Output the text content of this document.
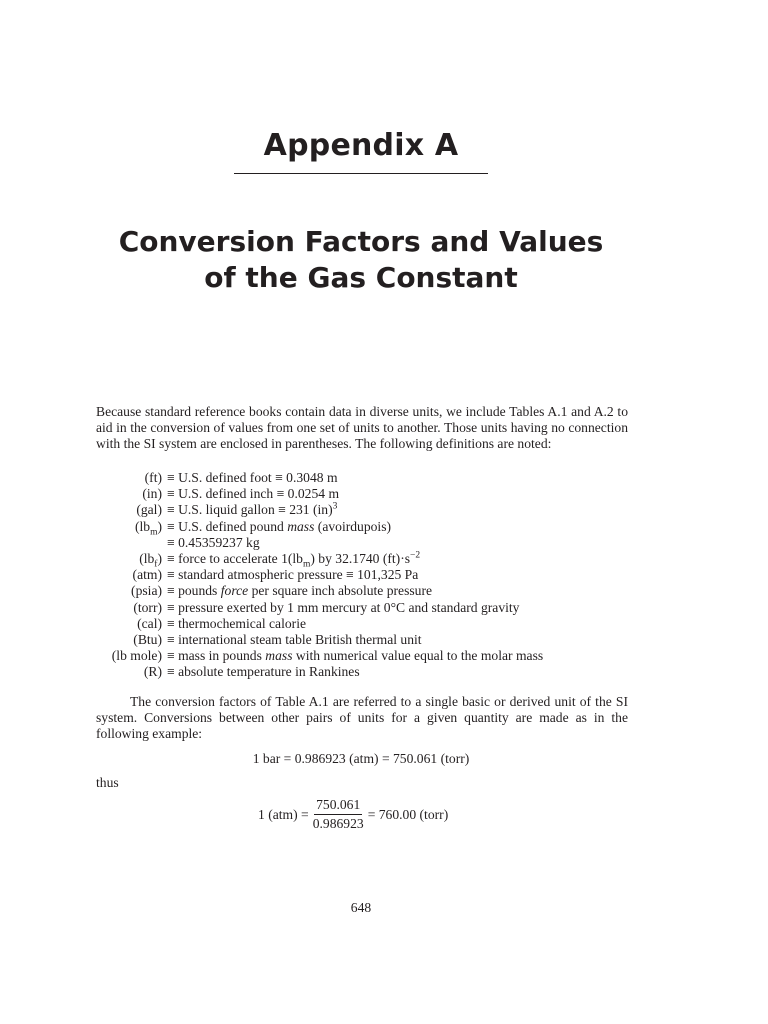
Appendix A
Conversion Factors and Values
of the Gas Constant

Because standard reference books contain data in diverse units, we include Tables A.1 and A.2 to aid in the conversion of values from one set of units to another. Those units having no connection with the SI system are enclosed in parentheses. The following definitions are noted:

(ft) ≡ U.S. defined foot ≡ 0.3048 m
(in) ≡ U.S. defined inch ≡ 0.0254 m
(gal) ≡ U.S. liquid gallon ≡ 231 (in)$^3$
$(lb_m) \equiv U.S$. defined pound mass (avoirdupois)
≡ 0.45359237 kg
$(lb_f)$ ≡ force to accelerate $1(lb_m)$ by 32.1740 $(ft)\cdot s^{-2}$
(atm) ≡ standard atmospheric pressure ≡ 101,325 Pa
(psia) ≡ pounds force per square inch absolute pressure
(torr) ≡ pressure exerted by 1 mm mercury at 0°C and standard gravity
(cal) ≡ thermochemical calorie
(Btu) ≡ international steam table British thermal unit
(lb mole) ≡ mass in pounds mass with numerical value equal to the molar mass
(R) ≡ absolute temperature in Rankines

The conversion factors of Table A.1 are referred to a single basic or derived unit of the SI system. Conversions between other pairs of units for a given quantity are made as in the following example:

1 bar = 0.986923 (atm) = 750.061 (torr)
thus
1 $(atm) = \frac{750.061}{0.986923} = 760.00$ (torr)
648
